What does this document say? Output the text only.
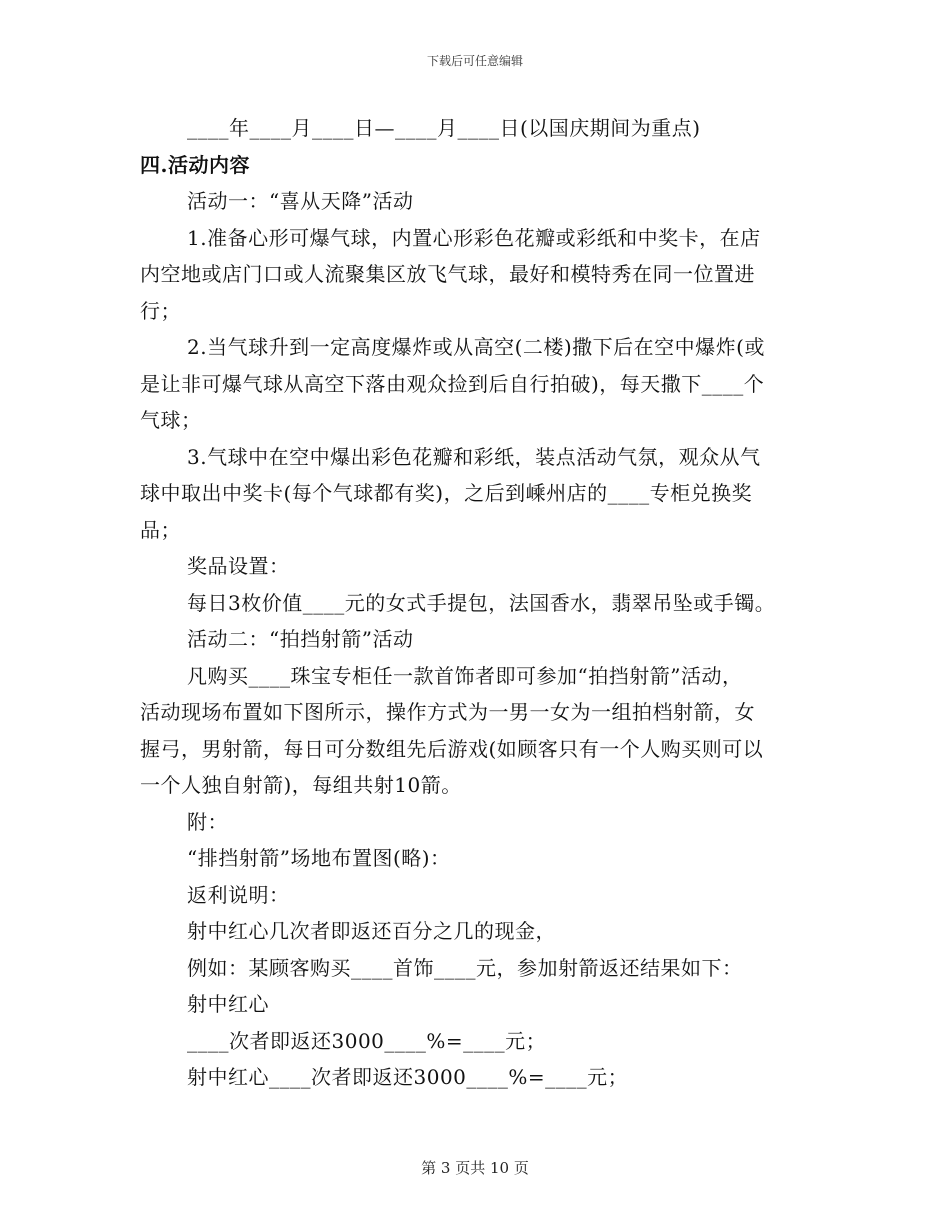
下载后可任意编辑
____年____月____日—____月____日(以国庆期间为重点)
四.活动内容
活动一：“喜从天降”活动
1.准备心形可爆气球，内置心形彩色花瓣或彩纸和中奖卡，在店
内空地或店门口或人流聚集区放飞气球，最好和模特秀在同一位置进
行；
2.当气球升到一定高度爆炸或从高空(二楼)撒下后在空中爆炸(或
是让非可爆气球从高空下落由观众捡到后自行拍破)，每天撒下____个
气球；
3.气球中在空中爆出彩色花瓣和彩纸，装点活动气氛，观众从气
球中取出中奖卡(每个气球都有奖)，之后到嵊州店的____专柜兑换奖
品；
奖品设置：
每日3枚价值____元的女式手提包，法国香水，翡翠吊坠或手镯。
活动二：“拍挡射箭”活动
凡购买____珠宝专柜任一款首饰者即可参加“拍挡射箭”活动，
活动现场布置如下图所示，操作方式为一男一女为一组拍档射箭，女
握弓，男射箭，每日可分数组先后游戏(如顾客只有一个人购买则可以
一个人独自射箭)，每组共射10箭。
附：
“排挡射箭”场地布置图(略)：
返利说明：
射中红心几次者即返还百分之几的现金，
例如：某顾客购买____首饰____元，参加射箭返还结果如下：
射中红心
____次者即返还3000____%=____元；
射中红心____次者即返还3000____%=____元；
第 3 页共 10 页
